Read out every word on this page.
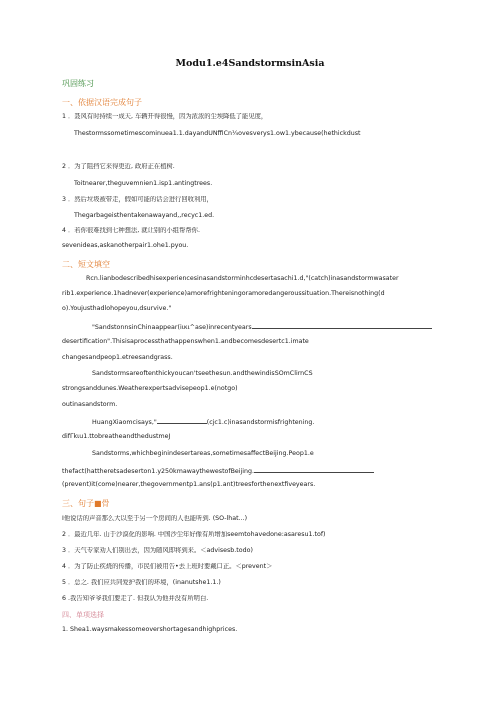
Modu1.e4SandstormsinAsia
巩固练习
一、依据汉语完成句子
1 ．聂风有时持续一成天, 车辆开得很慢，因为浓浓的尘埃降低了能见度，
Thestormssometimescominuea1.1.dayandUNffiCn¼ovesverys1.ow1.ybecause(hethickdust
2 ．为了阻挡它来得更近, 政府正在植树.
Toitnearer,theguvemnien1.isp1.antingtrees.
3 ．然后垃圾被带走，假如可能的话会进行回收利用，
Thegarbageisthentakenawayand,,recyc1.ed.
4 ．若你很难找到七种想法, 就让别的小组帮帮你.
sevenideas,askanotherpair1.ohe1.pyou.
二、短文填空
Rcn.lianbodescribedhisexperiencesinasandstorminhcdesertasachi1.d,"(catch)inasandstormwasater
rib1.experience.1hadnever(experience)amorefrighteningoramoredangeroussituation.Thereisnothing(d
o).Youjusthadlohopeyou,dsurvive."
"SandstonnsinChinaappear(iικι^ase)inrecentyears
desertification".Thisisaprocessthathappenswhen1.andbecomesdesertc1.imate
changesandpeop1.etreesandgrass.
Sandstormsareoftenthickyoucan'tseethesun.andthewindisSOmClirnCS
strongsanddunes.Weatherexpertsadvisepeop1.e(notgo)
outinasandstorm.
HuangXiaomcisays,"	(cjc1.c)inasandstormisfrightening.
difΓkιu1.ttobreatheandthedustmeJ
Sandstorms,whichbeginindesertareas,sometimesaffectBeijing.Peop1.e
thefact(hattheretsadeserton1.y250kmawaythewestofBeijing.
(prevent)it(come)nearer,thegovernmentp1.ans(p1.ant)treesforthenextfiveyears.
三、句子■骨
I他说话的声音那么大以至于另一个房间的人也能听到. (SO-lhat...)
2 ．最近几年. 山于沙漠化的影响. 中国沙尘年好像有所增加seemtohavedone:asaresu1.tof)
3 ．天气专家劝人们别出去，因为随风即将到来。＜advisesb.todo)
4 ．为了防止疾烧的传播，市民们被用告•去上班时要戴口正。＜prevent＞
5 ．总之. 我们应共同爱护我们的环境，(inanutshe1.1.)
6 .我告知爷爷我们要走了. 但我认为他并没有所明白.
四、单项选择
1. Shea1.waysmakessomeovershortagesandhighprices.
